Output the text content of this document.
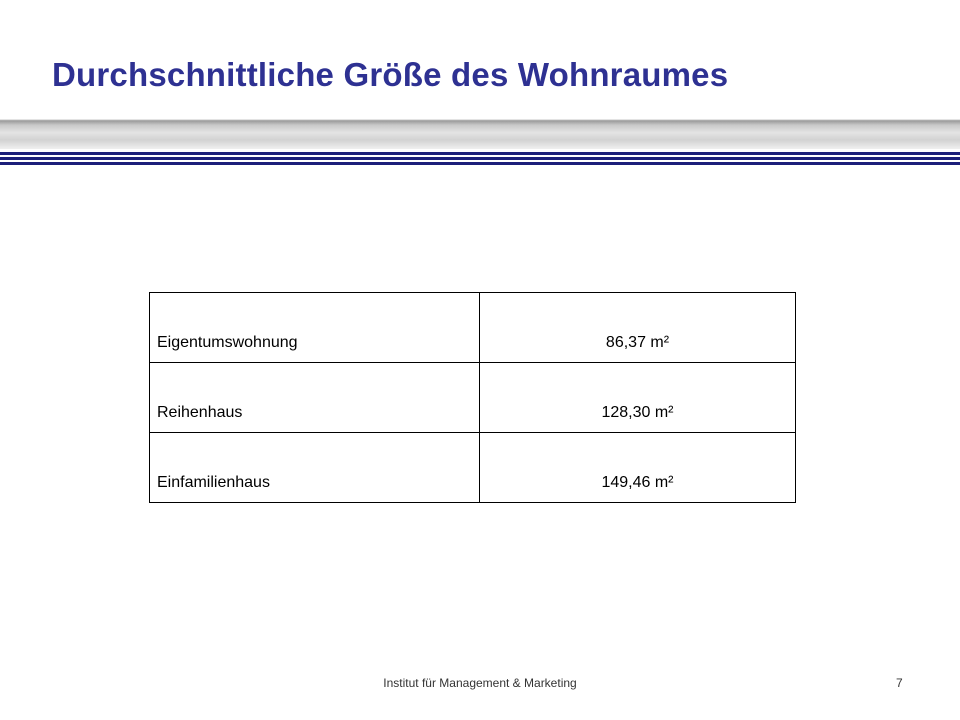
Durchschnittliche Größe des Wohnraumes
Eigentumswohnung	86,37 m²
Reihenhaus	128,30 m²
Einfamilienhaus	149,46 m²
Institut für Management & Marketing	7
